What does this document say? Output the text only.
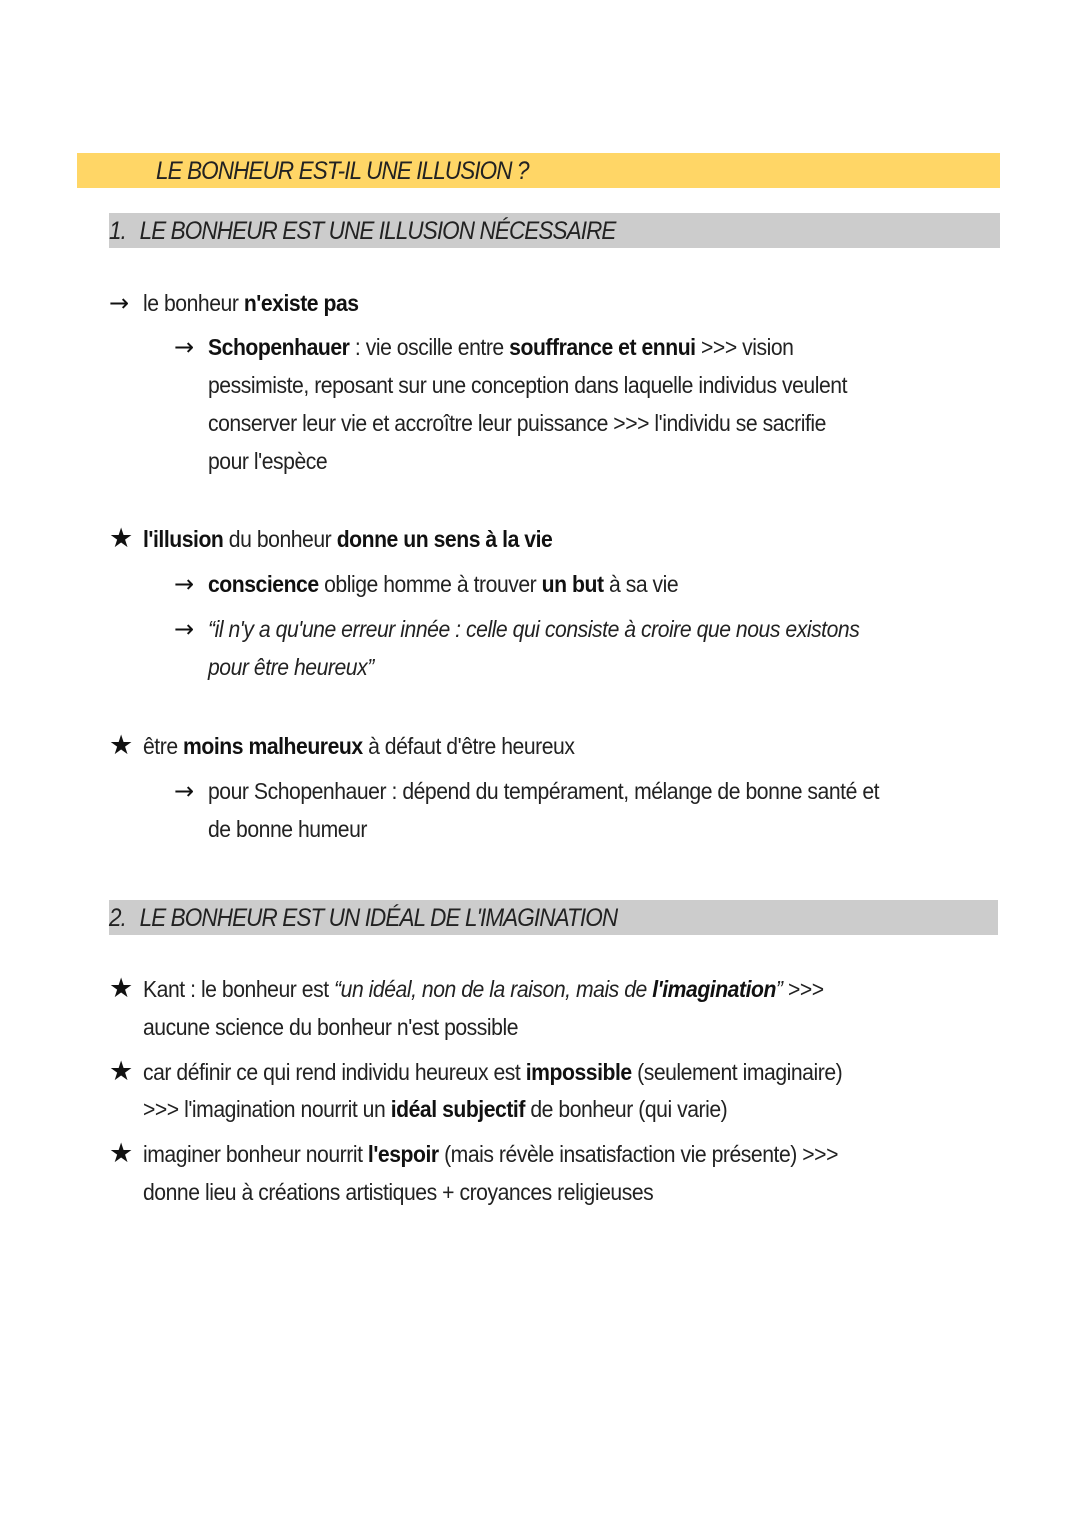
LE BONHEUR EST-IL UNE ILLUSION ?
1. LE BONHEUR EST UNE ILLUSION NÉCESSAIRE
→ le bonheur n'existe pas
→ Schopenhauer : vie oscille entre souffrance et ennui >>> vision
pessimiste, reposant sur une conception dans laquelle individus veulent
conserver leur vie et accroître leur puissance >>> l'individu se sacrifie
pour l'espèce
★ l'illusion du bonheur donne un sens à la vie
→ conscience oblige homme à trouver un but à sa vie
→ “il n'y a qu'une erreur innée : celle qui consiste à croire que nous existons
pour être heureux”
★ être moins malheureux à défaut d'être heureux
→ pour Schopenhauer : dépend du tempérament, mélange de bonne santé et
de bonne humeur
2. LE BONHEUR EST UN IDÉAL DE L'IMAGINATION
★ Kant : le bonheur est “un idéal, non de la raison, mais de l'imagination” >>>
aucune science du bonheur n'est possible
★ car définir ce qui rend individu heureux est impossible (seulement imaginaire)
>>> l'imagination nourrit un idéal subjectif de bonheur (qui varie)
★ imaginer bonheur nourrit l'espoir (mais révèle insatisfaction vie présente) >>>
donne lieu à créations artistiques + croyances religieuses
